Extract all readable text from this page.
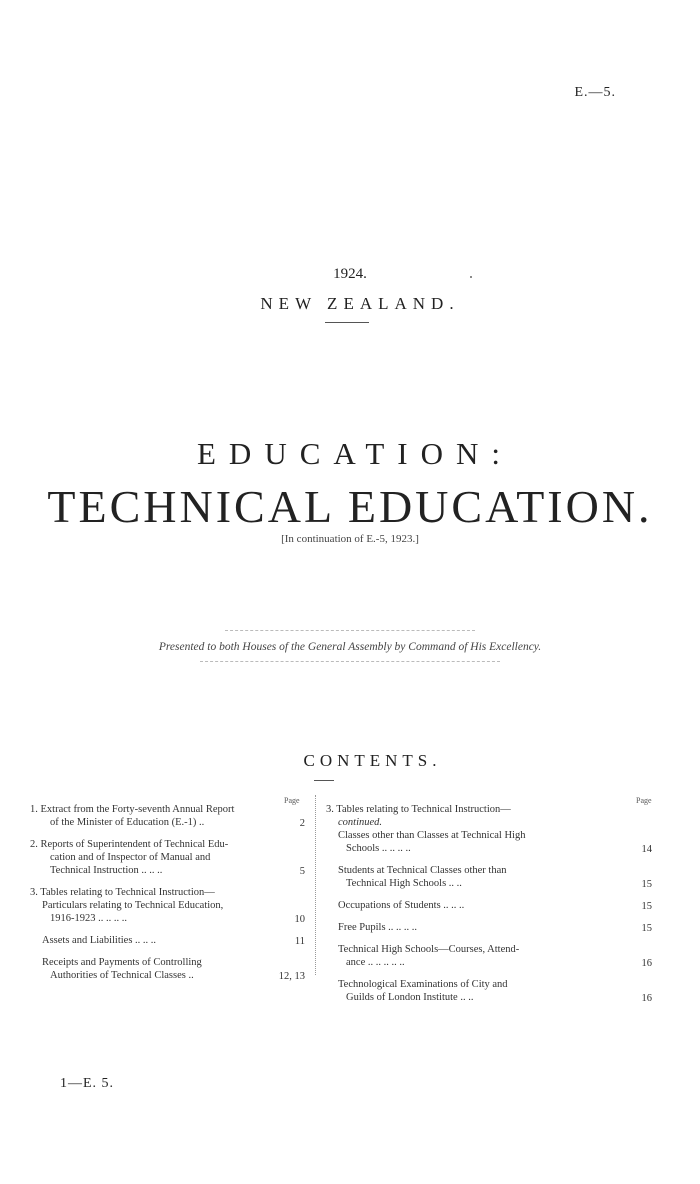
E.—5.
1924.
NEW ZEALAND.
EDUCATION:
TECHNICAL EDUCATION.
[In continuation of E.-5, 1923.]
Presented to both Houses of the General Assembly by Command of His Excellency.
CONTENTS.
Page
1. Extract from the Forty-seventh Annual Report
of the Minister of Education (E.-1) ..	2
2. Reports of Superintendent of Technical Edu-
cation and of Inspector of Manual and
Technical Instruction .. .. ..	5
3. Tables relating to Technical Instruction—
Particulars relating to Technical Education,
1916-1923 .. .. .. ..	10
Assets and Liabilities .. .. ..	11
Receipts and Payments of Controlling
Authorities of Technical Classes ..	12, 13
Page
3. Tables relating to Technical Instruction—
continued.
Classes other than Classes at Technical High
Schools .. .. .. ..	14
Students at Technical Classes other than
Technical High Schools .. ..	15
Occupations of Students .. .. ..	15
Free Pupils .. .. .. ..	15
Technical High Schools—Courses, Attend-
ance .. .. .. .. ..	16
Technological Examinations of City and
Guilds of London Institute .. ..	16
1—E. 5.
